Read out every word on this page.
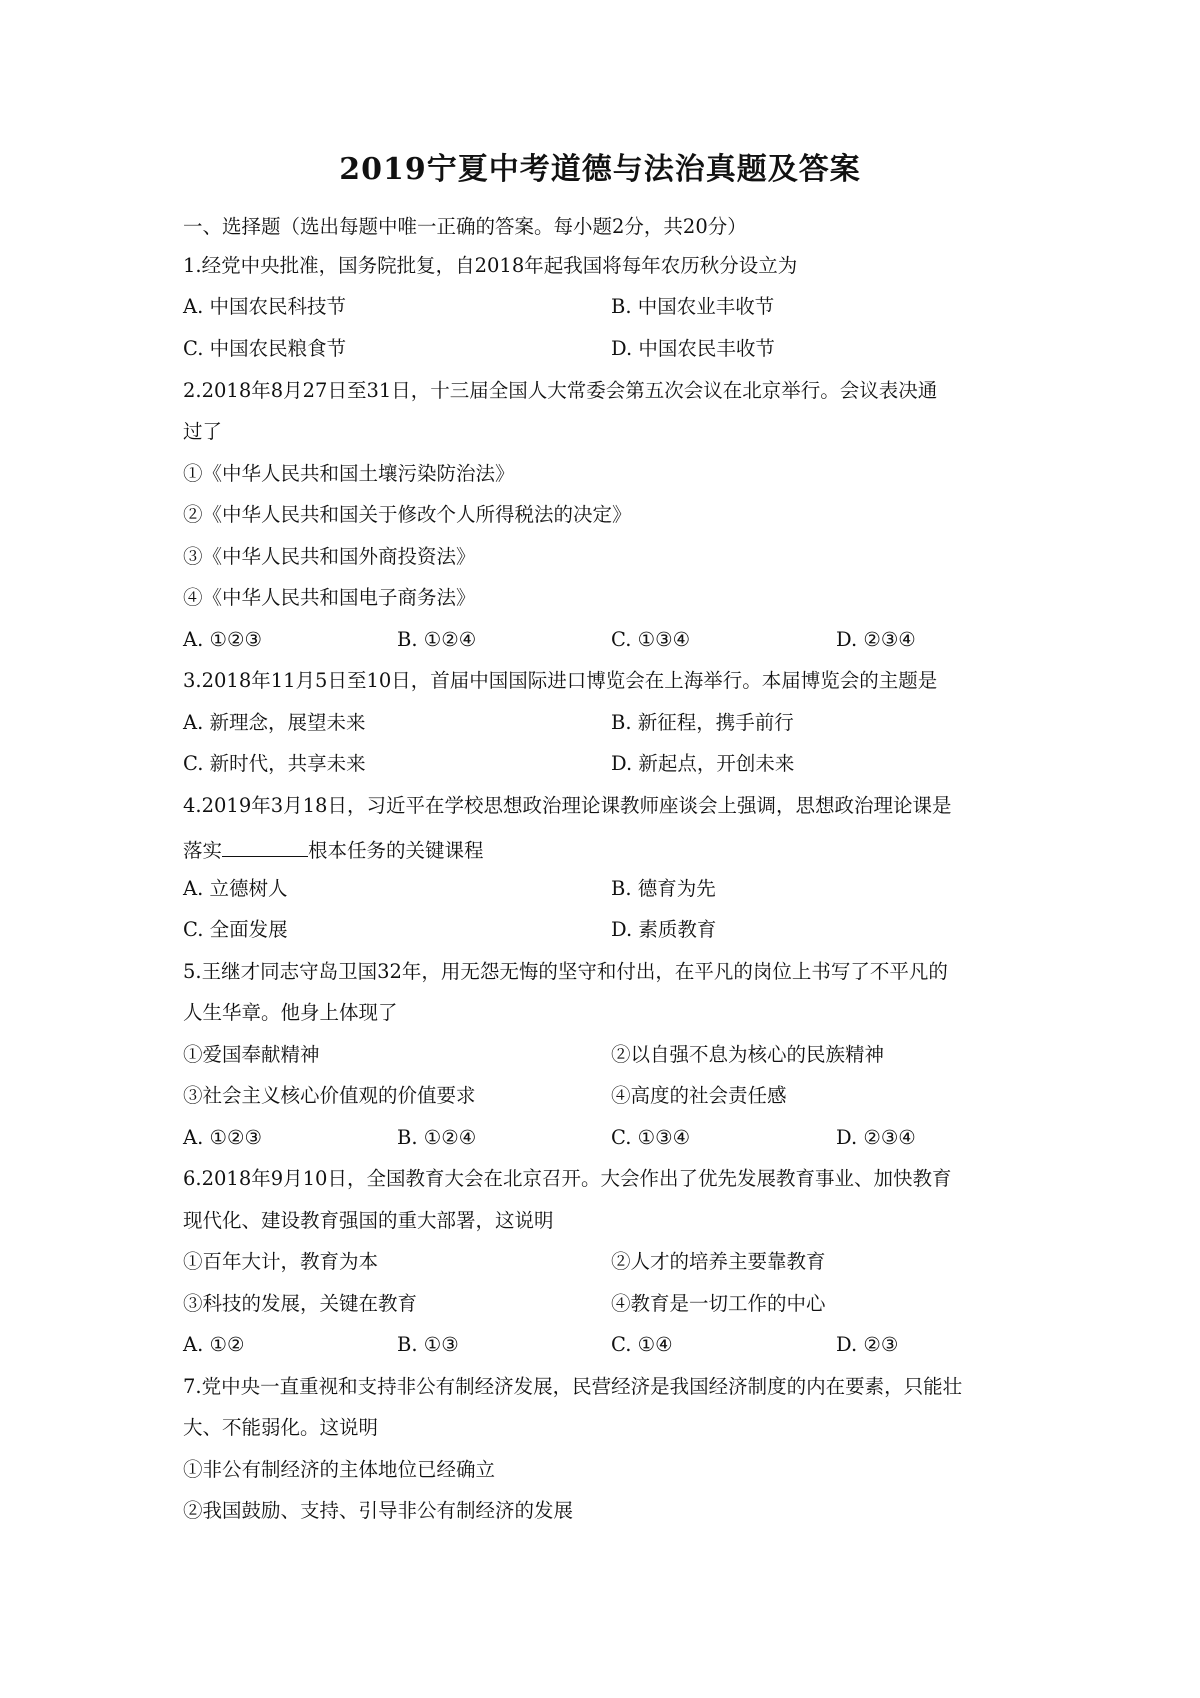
2019宁夏中考道德与法治真题及答案
一、选择题（选出每题中唯一正确的答案。每小题2分，共20分）
1.经党中央批准，国务院批复，自2018年起我国将每年农历秋分设立为
A. 中国农民科技节	B. 中国农业丰收节
C. 中国农民粮食节	D. 中国农民丰收节
2.2018年8月27日至31日，十三届全国人大常委会第五次会议在北京举行。会议表决通
过了
①《中华人民共和国土壤污染防治法》
②《中华人民共和国关于修改个人所得税法的决定》
③《中华人民共和国外商投资法》
④《中华人民共和国电子商务法》
A. ①②③	B. ①②④	C. ①③④	D. ②③④
3.2018年11月5日至10日，首届中国国际进口博览会在上海举行。本届博览会的主题是
A. 新理念，展望未来	B. 新征程，携手前行
C. 新时代，共享未来	D. 新起点，开创未来
4.2019年3月18日，习近平在学校思想政治理论课教师座谈会上强调，思想政治理论课是
落实	根本任务的关键课程
A. 立德树人	B. 德育为先
C. 全面发展	D. 素质教育
5.王继才同志守岛卫国32年，用无怨无悔的坚守和付出，在平凡的岗位上书写了不平凡的
人生华章。他身上体现了
①爱国奉献精神	②以自强不息为核心的民族精神
③社会主义核心价值观的价值要求	④高度的社会责任感
A. ①②③	B. ①②④	C. ①③④	D. ②③④
6.2018年9月10日，全国教育大会在北京召开。大会作出了优先发展教育事业、加快教育
现代化、建设教育强国的重大部署，这说明
①百年大计，教育为本	②人才的培养主要靠教育
③科技的发展，关键在教育	④教育是一切工作的中心
A. ①②	B. ①③	C. ①④	D. ②③
7.党中央一直重视和支持非公有制经济发展，民营经济是我国经济制度的内在要素，只能壮
大、不能弱化。这说明
①非公有制经济的主体地位已经确立
②我国鼓励、支持、引导非公有制经济的发展
